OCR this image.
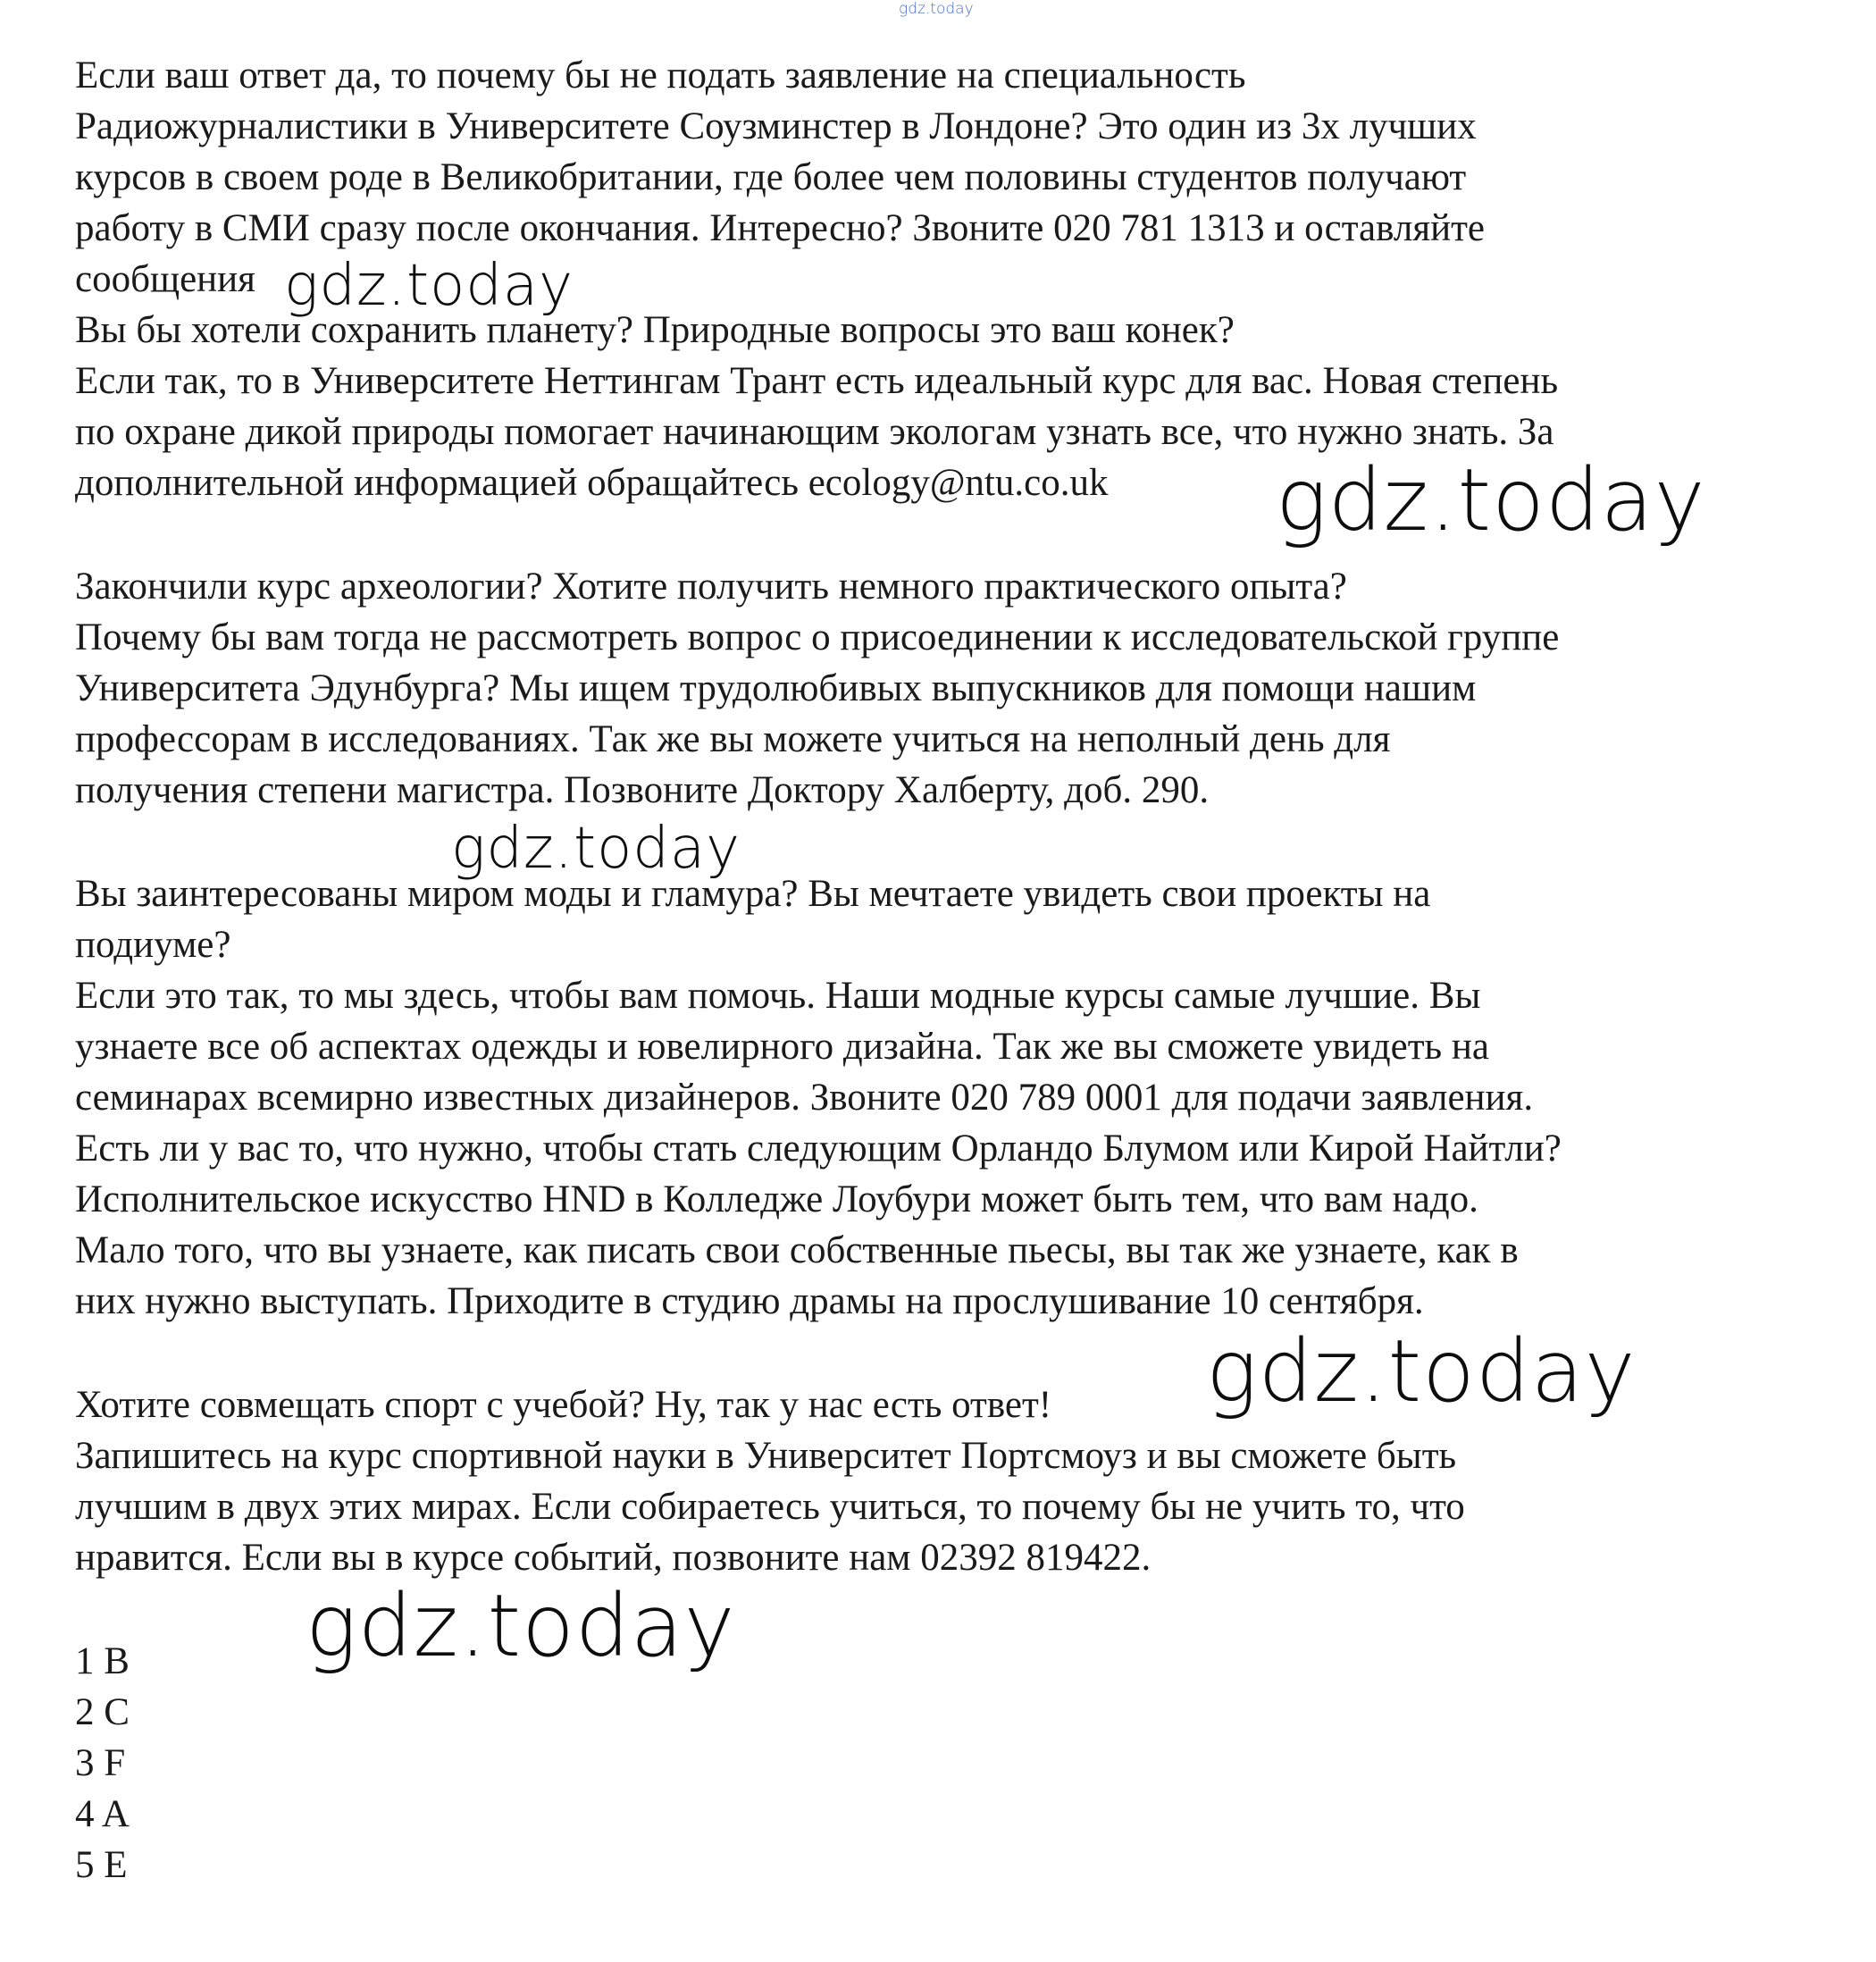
Если ваш ответ да, то почему бы не подать заявление на специальность

Радиожурналистики в Университете Соузминстер в Лондоне? Это один из 3х лучших

курсов в своем роде в Великобритании, где более чем половины студентов получают

работу в СМИ сразу после окончания. Интересно? Звоните 020 781 1313 и оставляйте

сообщения

Вы бы хотели сохранить планету? Природные вопросы это ваш конек?

Если так, то в Университете Неттингам Трант есть идеальный курс для вас. Новая степень

по охране дикой природы помогает начинающим экологам узнать все, что нужно знать. За

дополнительной информацией обращайтесь ecology@ntu.co.uk

Закончили курс археологии? Хотите получить немного практического опыта?

Почему бы вам тогда не рассмотреть вопрос о присоединении к исследовательской группе

Университета Эдунбурга? Мы ищем трудолюбивых выпускников для помощи нашим

профессорам в исследованиях. Так же вы можете учиться на неполный день для

получения степени магистра. Позвоните Доктору Халберту, доб. 290.

Вы заинтересованы миром моды и гламура? Вы мечтаете увидеть свои проекты на

подиуме?

Если это так, то мы здесь, чтобы вам помочь. Наши модные курсы самые лучшие. Вы

узнаете все об аспектах одежды и ювелирного дизайна. Так же вы сможете увидеть на

семинарах всемирно известных дизайнеров. Звоните 020 789 0001 для подачи заявления.

Есть ли у вас то, что нужно, чтобы стать следующим Орландо Блумом или Кирой Найтли?

Исполнительское искусство HND в Колледже Лоубури может быть тем, что вам надо.

Мало того, что вы узнаете, как писать свои собственные пьесы, вы так же узнаете, как в

них нужно выступать. Приходите в студию драмы на прослушивание 10 сентября.

Хотите совмещать спорт с учебой? Ну, так у нас есть ответ!

Запишитесь на курс спортивной науки в Университет Портсмоуз и вы сможете быть

лучшим в двух этих мирах. Если собираетесь учиться, то почему бы не учить то, что

нравится. Если вы в курсе событий, позвоните нам 02392 819422.

1 B

2 C

3 F

4 A

5 E

gdz.today
gdz.today
gdz.today
gdz.today
gdz.today
gdz.today
